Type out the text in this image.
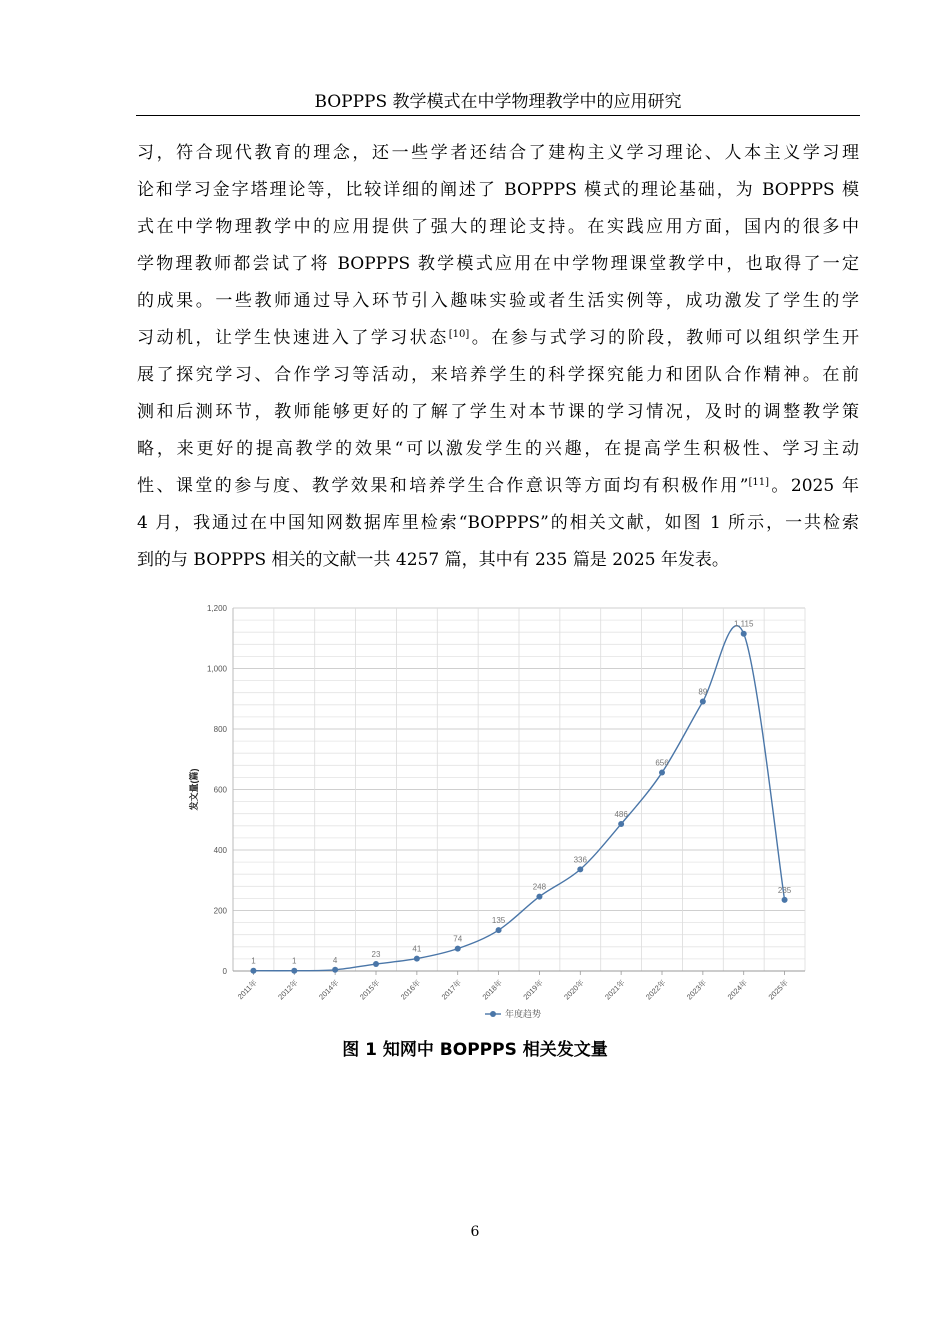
BOPPPS 教学模式在中学物理教学中的应用研究
习，符合现代教育的理念，还一些学者还结合了建构主义学习理论、人本主义学习理
论和学习金字塔理论等，比较详细的阐述了 BOPPPS 模式的理论基础，为 BOPPPS 模
式在中学物理教学中的应用提供了强大的理论支持。在实践应用方面，国内的很多中
学物理教师都尝试了将 BOPPPS 教学模式应用在中学物理课堂教学中，也取得了一定
的成果。一些教师通过导入环节引入趣味实验或者生活实例等，成功激发了学生的学
习动机，让学生快速进入了学习状态[10]。在参与式学习的阶段，教师可以组织学生开
展了探究学习、合作学习等活动，来培养学生的科学探究能力和团队合作精神。在前
测和后测环节，教师能够更好的了解了学生对本节课的学习情况，及时的调整教学策
略，来更好的提高教学的效果“可以激发学生的兴趣，在提高学生积极性、学习主动
性、课堂的参与度、教学效果和培养学生合作意识等方面均有积极作用”[11]。2025 年
4 月，我通过在中国知网数据库里检索“BOPPPS”的相关文献，如图 1 所示，一共检索
到的与 BOPPPS 相关的文献一共 4257 篇，其中有 235 篇是 2025 年发表。
0
200
400
600
800
1,000
1,200
发文量(篇)
2011年 2012年 2014年 2015年 2016年 2017年 2018年 2019年 2020年 2021年 2022年 2023年 2024年 2025年
1	1	4
23
41
74
135
248
336
486
656
89
1,115
235
年度趋势
图 1 知网中 BOPPPS 相关发文量
6
